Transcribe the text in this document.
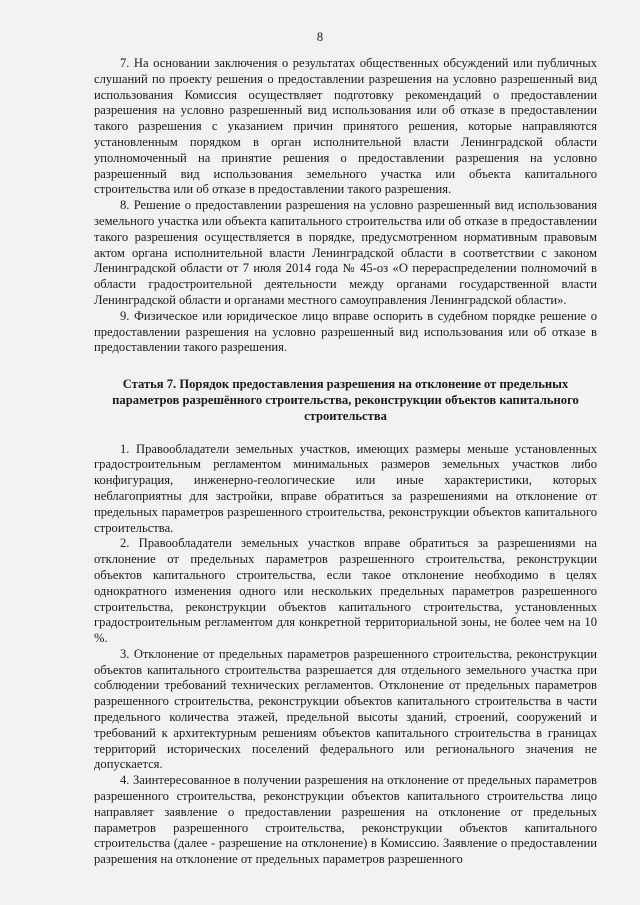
8

7. На основании заключения о результатах общественных обсуждений или публичных слушаний по проекту решения о предоставлении разрешения на условно разрешенный вид использования Комиссия осуществляет подготовку рекомендаций о предоставлении разрешения на условно разрешенный вид использования или об отказе в предоставлении такого разрешения с указанием причин принятого решения, которые направляются установленным порядком в орган исполнительной власти Ленинградской области уполномоченный на принятие решения о предоставлении разрешения на условно разрешенный вид использования земельного участка или объекта капитального строительства или об отказе в предоставлении такого разрешения.

8. Решение о предоставлении разрешения на условно разрешенный вид использования земельного участка или объекта капитального строительства или об отказе в предоставлении такого разрешения осуществляется в порядке, предусмотренном нормативным правовым актом органа исполнительной власти Ленинградской области в соответствии с законом Ленинградской области от 7 июля 2014 года № 45-оз «О перераспределении полномочий в области градостроительной деятельности между органами государственной власти Ленинградской области и органами местного самоуправления Ленинградской области».

9. Физическое или юридическое лицо вправе оспорить в судебном порядке решение о предоставлении разрешения на условно разрешенный вид использования или об отказе в предоставлении такого разрешения.

Статья 7. Порядок предоставления разрешения на отклонение от предельных параметров разрешённого строительства, реконструкции объектов капитального строительства

1. Правообладатели земельных участков, имеющих размеры меньше установленных градостроительным регламентом минимальных размеров земельных участков либо конфигурация, инженерно-геологические или иные характеристики, которых неблагоприятны для застройки, вправе обратиться за разрешениями на отклонение от предельных параметров разрешенного строительства, реконструкции объектов капитального строительства.

2. Правообладатели земельных участков вправе обратиться за разрешениями на отклонение от предельных параметров разрешенного строительства, реконструкции объектов капитального строительства, если такое отклонение необходимо в целях однократного изменения одного или нескольких предельных параметров разрешенного строительства, реконструкции объектов капитального строительства, установленных градостроительным регламентом для конкретной территориальной зоны, не более чем на 10 %.

3. Отклонение от предельных параметров разрешенного строительства, реконструкции объектов капитального строительства разрешается для отдельного земельного участка при соблюдении требований технических регламентов. Отклонение от предельных параметров разрешенного строительства, реконструкции объектов капитального строительства в части предельного количества этажей, предельной высоты зданий, строений, сооружений и требований к архитектурным решениям объектов капитального строительства в границах территорий исторических поселений федерального или регионального значения не допускается.

4. Заинтересованное в получении разрешения на отклонение от предельных параметров разрешенного строительства, реконструкции объектов капитального строительства лицо направляет заявление о предоставлении разрешения на отклонение от предельных параметров разрешенного строительства, реконструкции объектов капитального строительства (далее - разрешение на отклонение) в Комиссию. Заявление о предоставлении разрешения на отклонение от предельных параметров разрешенного
